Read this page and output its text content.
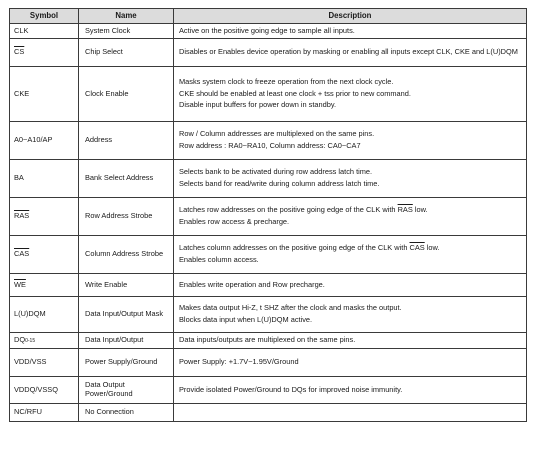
Symbol	Name	Description
CLK	System Clock	Active on the positive going edge to sample all inputs.

$\overline{CS}$	Chip Select	Disables or Enables device operation by masking or enabling all inputs except CLK, CKE and L(U)DQM

CKE	Clock Enable	Masks system clock to freeze operation from the next clock cycle.
CKE should be enabled at least one clock + tss prior to new command.
Disable input buffers for power down in standby.

A0~A10/AP	Address	Row / Column addresses are multiplexed on the same pins.
Row address : RA0~RA10, Column address: CA0~CA7

BA	Bank Select Address	Selects bank to be activated during row address latch time.
Selects band for read/write during column address latch time.

$\overline{RAS}$	Row Address Strobe	Latches row addresses on the positive going edge of the CLK with $\overline{RAS}$ low.
Enables row access & precharge.

$\overline{CAS}$	Column Address Strobe	Latches column addresses on the positive going edge of the CLK with $\overline{CAS}$ low.
Enables column access.

$\overline{WE}$	Write Enable	Enables write operation and Row precharge.

L(U)DQM	Data Input/Output Mask	Makes data output Hi-Z, t SHZ after the clock and masks the output.
Blocks data input when L(U)DQM active.

DQ0-15	Data Input/Output	Data inputs/outputs are multiplexed on the same pins.

VDD/VSS	Power Supply/Ground	Power Supply: +1.7V~1.95V/Ground

VDDQ/VSSQ	Data Output Power/Ground	Provide isolated Power/Ground to DQs for improved noise immunity.

NC/RFU	No Connection	
